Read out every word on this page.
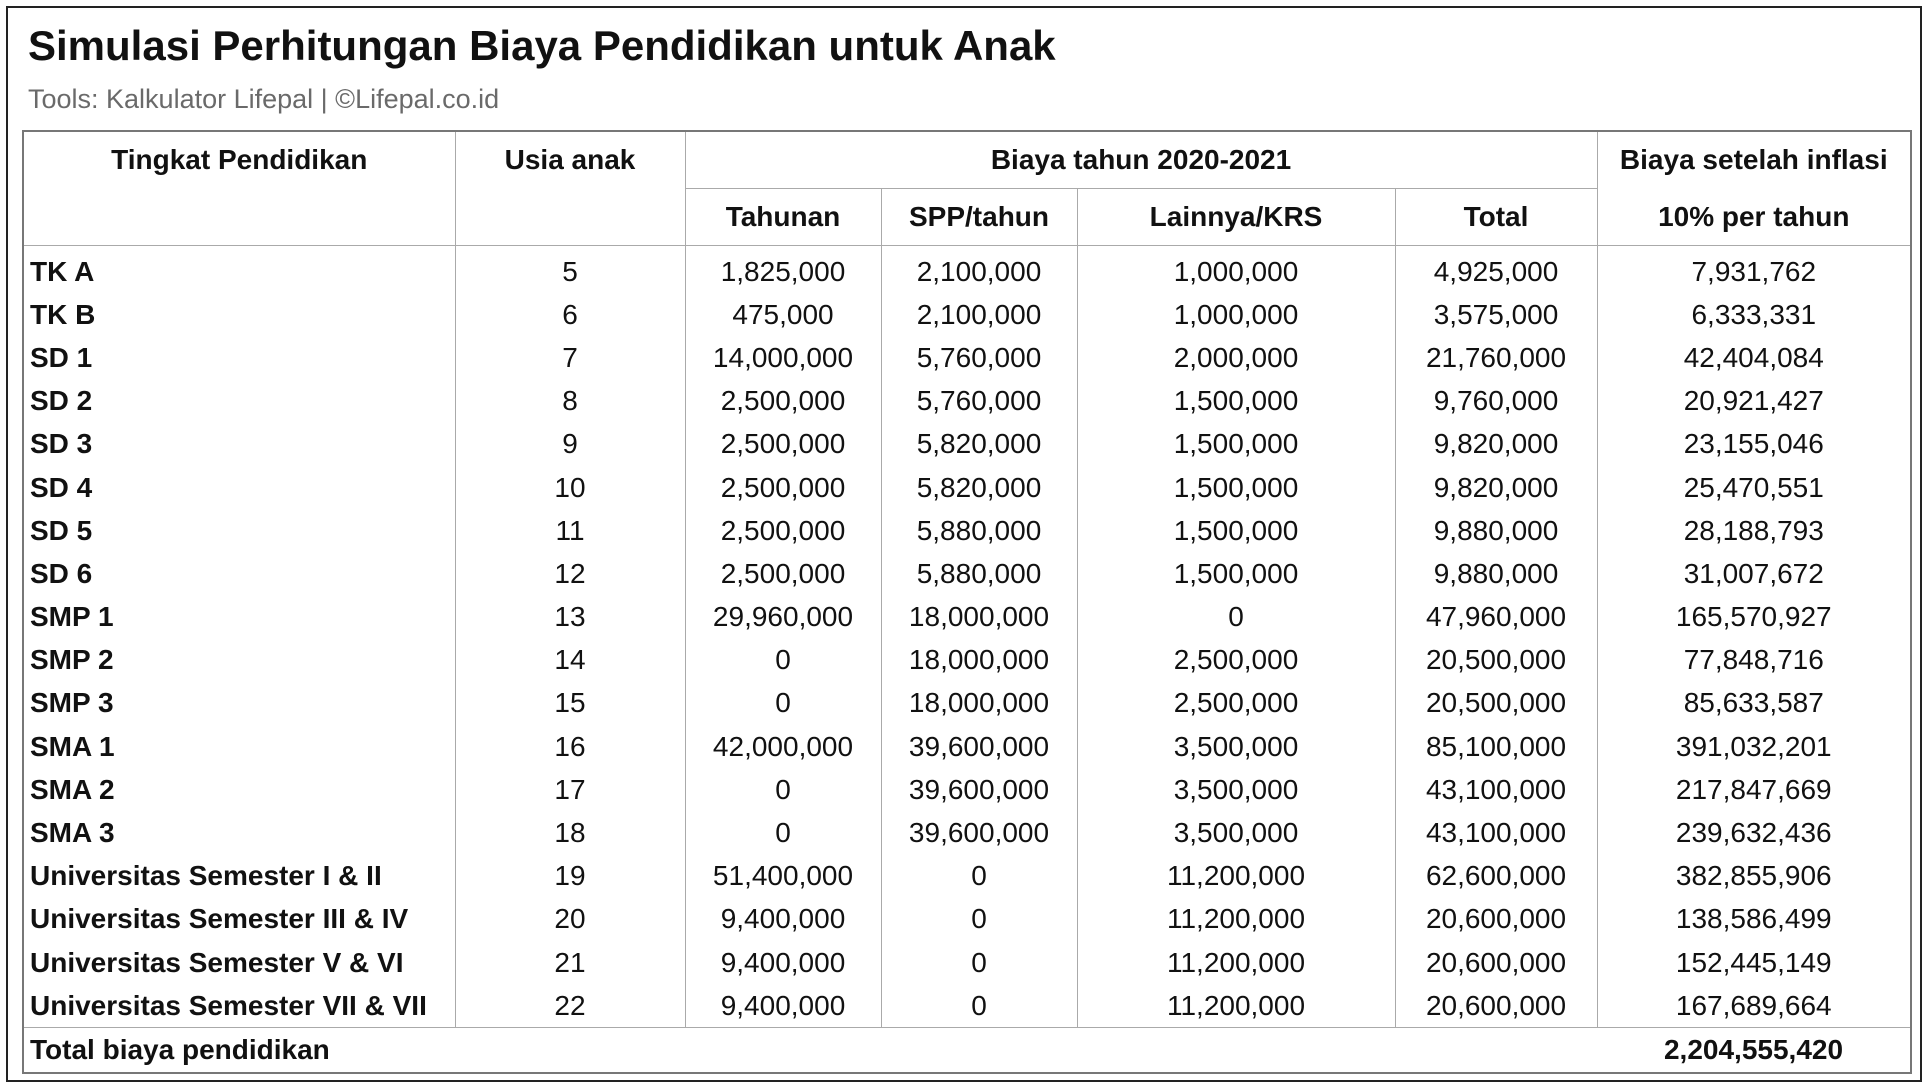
Simulasi Perhitungan Biaya Pendidikan untuk Anak
Tools: Kalkulator Lifepal | ©Lifepal.co.id
Tingkat Pendidikan	Usia anak	Biaya tahun 2020-2021				Biaya setelah inflasi
		Tahunan	SPP/tahun	Lainnya/KRS	Total	10% per tahun
TK A	5	1,825,000	2,100,000	1,000,000	4,925,000	7,931,762
TK B	6	475,000	2,100,000	1,000,000	3,575,000	6,333,331
SD 1	7	14,000,000	5,760,000	2,000,000	21,760,000	42,404,084
SD 2	8	2,500,000	5,760,000	1,500,000	9,760,000	20,921,427
SD 3	9	2,500,000	5,820,000	1,500,000	9,820,000	23,155,046
SD 4	10	2,500,000	5,820,000	1,500,000	9,820,000	25,470,551
SD 5	11	2,500,000	5,880,000	1,500,000	9,880,000	28,188,793
SD 6	12	2,500,000	5,880,000	1,500,000	9,880,000	31,007,672
SMP 1	13	29,960,000	18,000,000	0	47,960,000	165,570,927
SMP 2	14	0	18,000,000	2,500,000	20,500,000	77,848,716
SMP 3	15	0	18,000,000	2,500,000	20,500,000	85,633,587
SMA 1	16	42,000,000	39,600,000	3,500,000	85,100,000	391,032,201
SMA 2	17	0	39,600,000	3,500,000	43,100,000	217,847,669
SMA 3	18	0	39,600,000	3,500,000	43,100,000	239,632,436
Universitas Semester I & II	19	51,400,000	0	11,200,000	62,600,000	382,855,906
Universitas Semester III & IV	20	9,400,000	0	11,200,000	20,600,000	138,586,499
Universitas Semester V & VI	21	9,400,000	0	11,200,000	20,600,000	152,445,149
Universitas Semester VII & VII	22	9,400,000	0	11,200,000	20,600,000	167,689,664
Total biaya pendidikan						2,204,555,420
